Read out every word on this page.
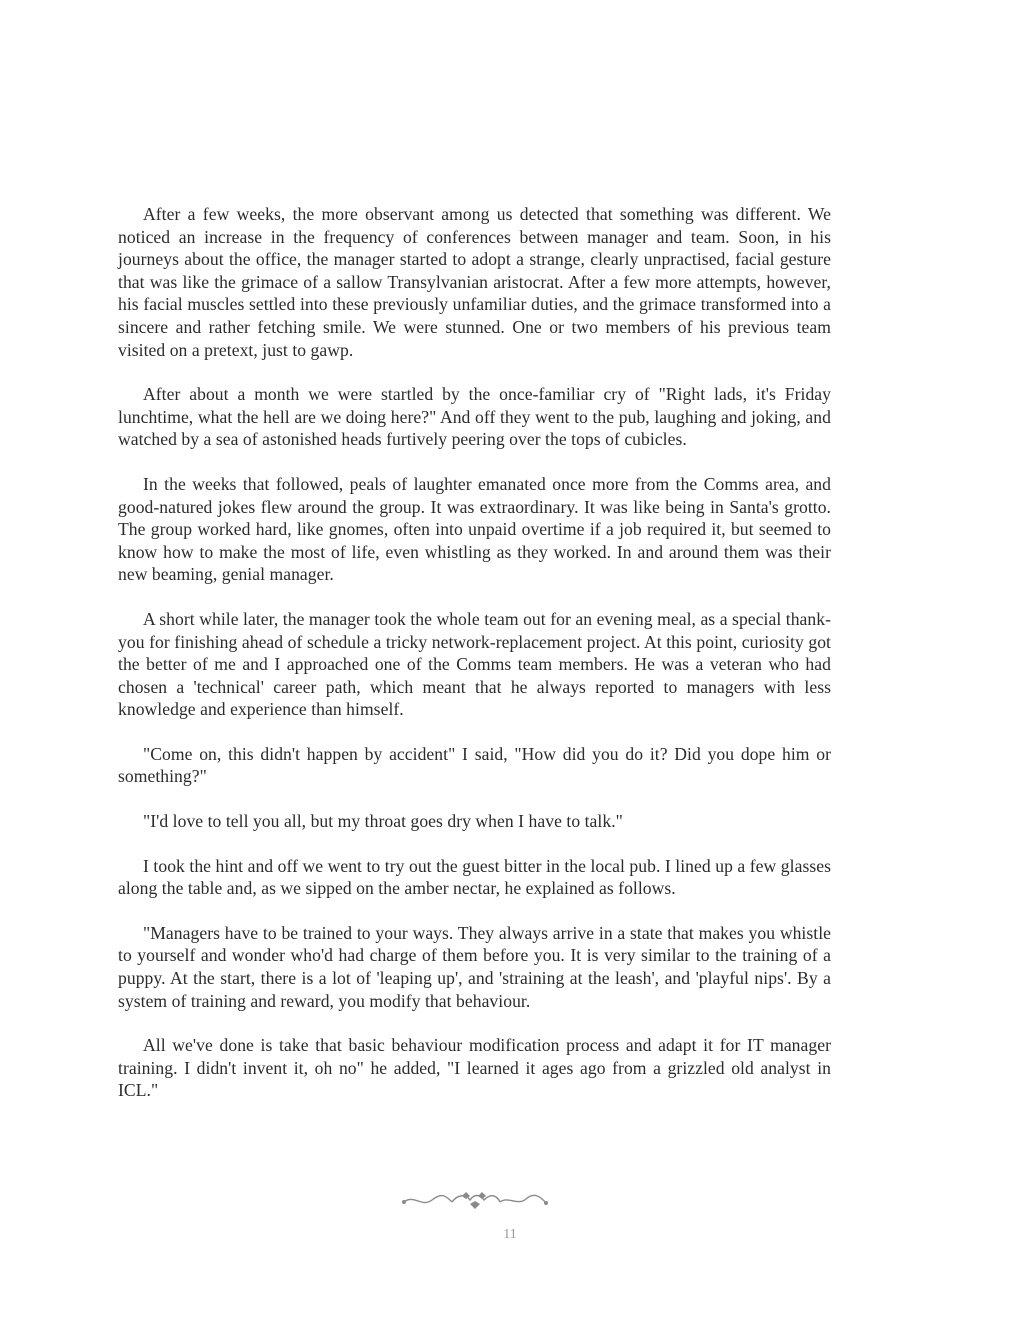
After a few weeks, the more observant among us detected that something was different. We noticed an increase in the frequency of conferences between manager and team. Soon, in his journeys about the office, the manager started to adopt a strange, clearly unpractised, facial gesture that was like the grimace of a sallow Transylvanian aristocrat. After a few more attempts, however, his facial muscles settled into these previously unfamiliar duties, and the grimace transformed into a sincere and rather fetching smile. We were stunned. One or two members of his previous team visited on a pretext, just to gawp.

After about a month we were startled by the once-familiar cry of "Right lads, it's Friday lunchtime, what the hell are we doing here?" And off they went to the pub, laughing and joking, and watched by a sea of astonished heads furtively peering over the tops of cubicles.

In the weeks that followed, peals of laughter emanated once more from the Comms area, and good-natured jokes flew around the group. It was extraordinary. It was like being in Santa's grotto. The group worked hard, like gnomes, often into unpaid overtime if a job required it, but seemed to know how to make the most of life, even whistling as they worked. In and around them was their new beaming, genial manager.

A short while later, the manager took the whole team out for an evening meal, as a special thank-you for finishing ahead of schedule a tricky network-replacement project. At this point, curiosity got the better of me and I approached one of the Comms team members. He was a veteran who had chosen a 'technical' career path, which meant that he always reported to managers with less knowledge and experience than himself.

"Come on, this didn't happen by accident" I said, "How did you do it? Did you dope him or something?"

"I'd love to tell you all, but my throat goes dry when I have to talk."

I took the hint and off we went to try out the guest bitter in the local pub. I lined up a few glasses along the table and, as we sipped on the amber nectar, he explained as follows.

"Managers have to be trained to your ways. They always arrive in a state that makes you whistle to yourself and wonder who'd had charge of them before you. It is very similar to the training of a puppy. At the start, there is a lot of 'leaping up', and 'straining at the leash', and 'playful nips'. By a system of training and reward, you modify that behaviour.

All we've done is take that basic behaviour modification process and adapt it for IT manager training. I didn't invent it, oh no" he added, "I learned it ages ago from a grizzled old analyst in ICL."

11
